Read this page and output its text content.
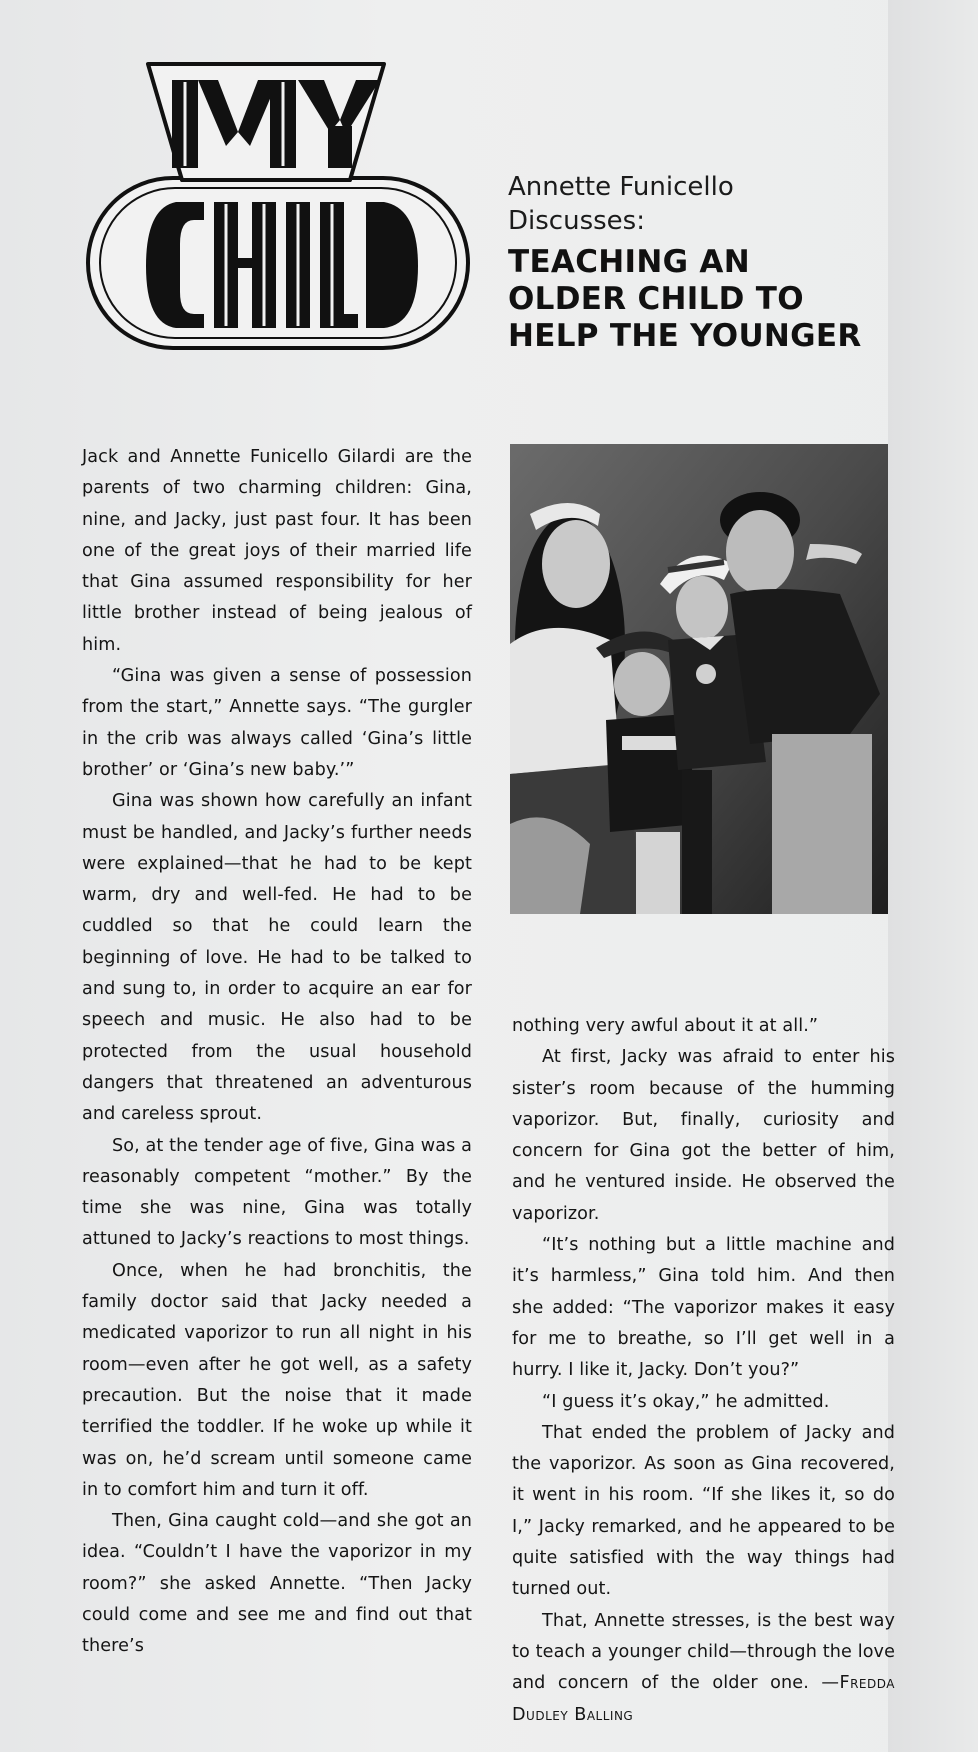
Annette Funicello
Discusses:
TEACHING AN
OLDER CHILD TO
HELP THE YOUNGER

Jack and Annette Funicello Gilardi are the parents of two charming children: Gina, nine, and Jacky, just past four. It has been one of the great joys of their married life that Gina assumed responsibility for her little brother instead of being jealous of him.

“Gina was given a sense of possession from the start,” Annette says. “The gurgler in the crib was always called ‘Gina’s little brother’ or ‘Gina’s new baby.’”

Gina was shown how carefully an infant must be handled, and Jacky’s further needs were explained—that he had to be kept warm, dry and well-fed. He had to be cuddled so that he could learn the beginning of love. He had to be talked to and sung to, in order to acquire an ear for speech and music. He also had to be protected from the usual household dangers that threatened an adventurous and careless sprout.

So, at the tender age of five, Gina was a reasonably competent “mother.” By the time she was nine, Gina was totally attuned to Jacky’s reactions to most things.

Once, when he had bronchitis, the family doctor said that Jacky needed a medicated vaporizor to run all night in his room—even after he got well, as a safety precaution. But the noise that it made terrified the toddler. If he woke up while it was on, he’d scream until someone came in to comfort him and turn it off.

Then, Gina caught cold—and she got an idea. “Couldn’t I have the vaporizor in my room?” she asked Annette. “Then Jacky could come and see me and find out that there’s

nothing very awful about it at all.”

At first, Jacky was afraid to enter his sister’s room because of the humming vaporizor. But, finally, curiosity and concern for Gina got the better of him, and he ventured inside. He observed the vaporizor.

“It’s nothing but a little machine and it’s harmless,” Gina told him. And then she added: “The vaporizor makes it easy for me to breathe, so I’ll get well in a hurry. I like it, Jacky. Don’t you?”

“I guess it’s okay,” he admitted.

That ended the problem of Jacky and the vaporizor. As soon as Gina recovered, it went in his room. “If she likes it, so do I,” Jacky remarked, and he appeared to be quite satisfied with the way things had turned out.

That, Annette stresses, is the best way to teach a younger child—through the love and concern of the older one. —Fredda Dudley Balling
